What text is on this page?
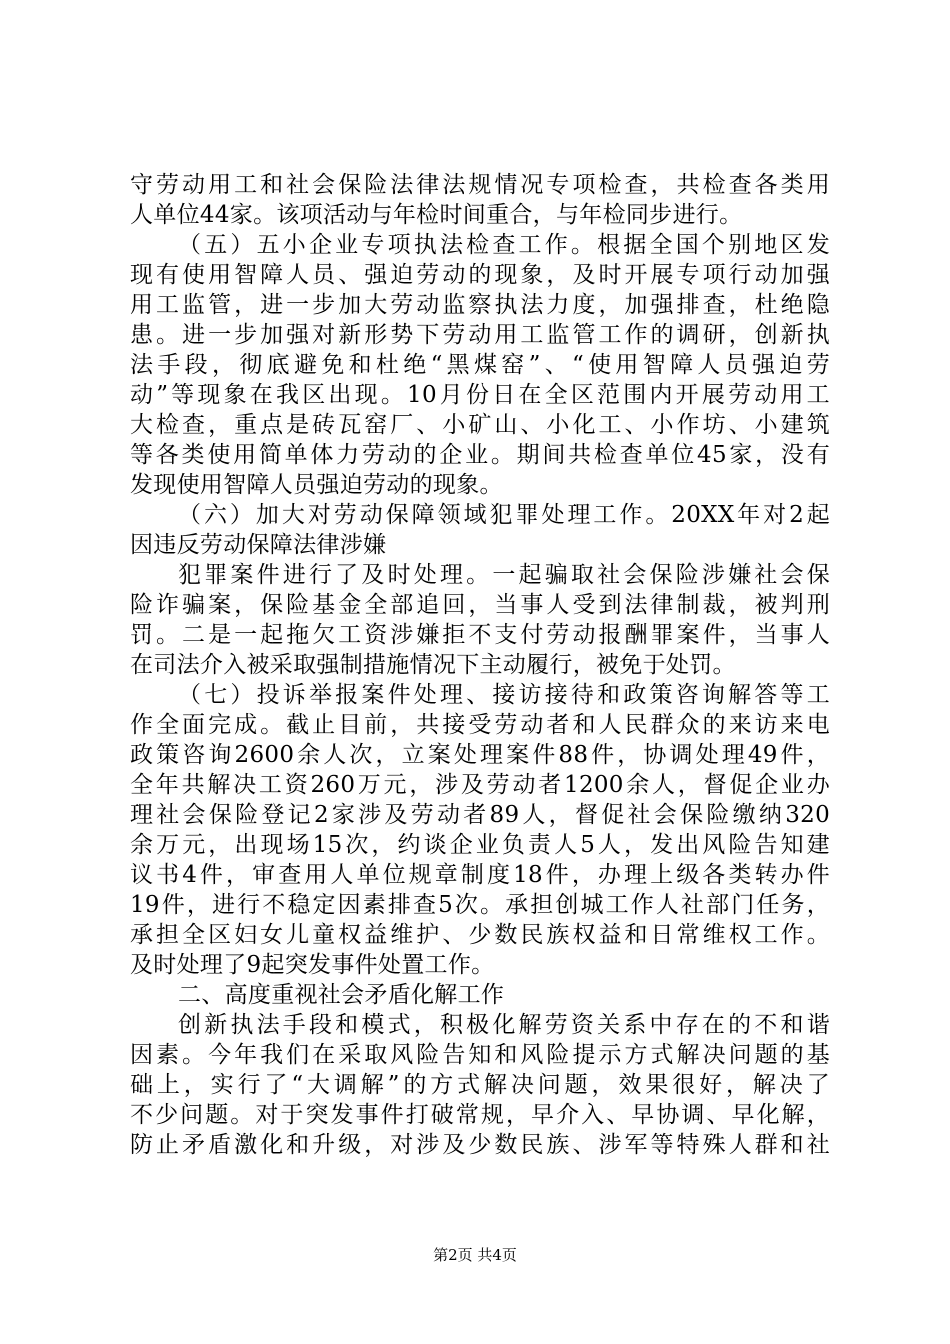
守劳动用工和社会保险法律法规情况专项检查，共检查各类用
人单位44家。该项活动与年检时间重合，与年检同步进行。
（五）五小企业专项执法检查工作。根据全国个别地区发
现有使用智障人员、强迫劳动的现象，及时开展专项行动加强
用工监管，进一步加大劳动监察执法力度，加强排查，杜绝隐
患。进一步加强对新形势下劳动用工监管工作的调研，创新执
法手段，彻底避免和杜绝“黑煤窑”、“使用智障人员强迫劳
动”等现象在我区出现。10月份日在全区范围内开展劳动用工
大检查，重点是砖瓦窑厂、小矿山、小化工、小作坊、小建筑
等各类使用简单体力劳动的企业。期间共检查单位45家，没有
发现使用智障人员强迫劳动的现象。
（六）加大对劳动保障领域犯罪处理工作。20XX年对2起
因违反劳动保障法律涉嫌
犯罪案件进行了及时处理。一起骗取社会保险涉嫌社会保
险诈骗案，保险基金全部追回，当事人受到法律制裁，被判刑
罚。二是一起拖欠工资涉嫌拒不支付劳动报酬罪案件，当事人
在司法介入被采取强制措施情况下主动履行，被免于处罚。
（七）投诉举报案件处理、接访接待和政策咨询解答等工
作全面完成。截止目前，共接受劳动者和人民群众的来访来电
政策咨询2600余人次，立案处理案件88件，协调处理49件，
全年共解决工资260万元，涉及劳动者1200余人，督促企业办
理社会保险登记2家涉及劳动者89人，督促社会保险缴纳320
余万元，出现场15次，约谈企业负责人5人，发出风险告知建
议书4件，审查用人单位规章制度18件，办理上级各类转办件
19件，进行不稳定因素排查5次。承担创城工作人社部门任务，
承担全区妇女儿童权益维护、少数民族权益和日常维权工作。
及时处理了9起突发事件处置工作。
二、高度重视社会矛盾化解工作
创新执法手段和模式，积极化解劳资关系中存在的不和谐
因素。今年我们在采取风险告知和风险提示方式解决问题的基
础上，实行了“大调解”的方式解决问题，效果很好，解决了
不少问题。对于突发事件打破常规，早介入、早协调、早化解，
防止矛盾激化和升级，对涉及少数民族、涉军等特殊人群和社
第2页 共4页
